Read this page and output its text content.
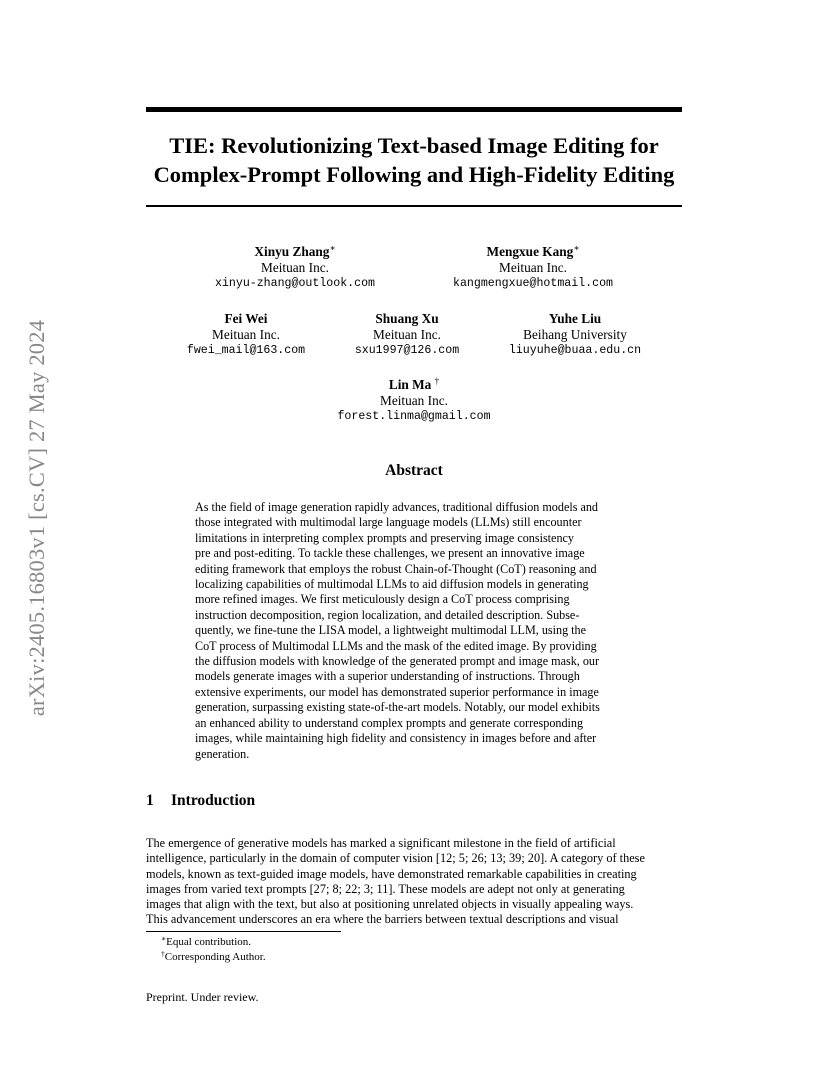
arXiv:2405.16803v1 [cs.CV] 27 May 2024
TIE: Revolutionizing Text-based Image Editing for
Complex-Prompt Following and High-Fidelity Editing
Xinyu Zhang∗
Meituan Inc.
xinyu-zhang@outlook.com
Mengxue Kang∗
Meituan Inc.
kangmengxue@hotmail.com
Fei Wei
Meituan Inc.
fwei_mail@163.com
Shuang Xu
Meituan Inc.
sxu1997@126.com
Yuhe Liu
Beihang University
liuyuhe@buaa.edu.cn
Lin Ma †
Meituan Inc.
forest.linma@gmail.com
Abstract
As the field of image generation rapidly advances, traditional diffusion models and
those integrated with multimodal large language models (LLMs) still encounter
limitations in interpreting complex prompts and preserving image consistency
pre and post-editing. To tackle these challenges, we present an innovative image
editing framework that employs the robust Chain-of-Thought (CoT) reasoning and
localizing capabilities of multimodal LLMs to aid diffusion models in generating
more refined images. We first meticulously design a CoT process comprising
instruction decomposition, region localization, and detailed description. Subse-
quently, we fine-tune the LISA model, a lightweight multimodal LLM, using the
CoT process of Multimodal LLMs and the mask of the edited image. By providing
the diffusion models with knowledge of the generated prompt and image mask, our
models generate images with a superior understanding of instructions. Through
extensive experiments, our model has demonstrated superior performance in image
generation, surpassing existing state-of-the-art models. Notably, our model exhibits
an enhanced ability to understand complex prompts and generate corresponding
images, while maintaining high fidelity and consistency in images before and after
generation.
1 Introduction
The emergence of generative models has marked a significant milestone in the field of artificial
intelligence, particularly in the domain of computer vision [12; 5; 26; 13; 39; 20]. A category of these
models, known as text-guided image models, have demonstrated remarkable capabilities in creating
images from varied text prompts [27; 8; 22; 3; 11]. These models are adept not only at generating
images that align with the text, but also at positioning unrelated objects in visually appealing ways.
This advancement underscores an era where the barriers between textual descriptions and visual
∗Equal contribution.
†Corresponding Author.
Preprint. Under review.
